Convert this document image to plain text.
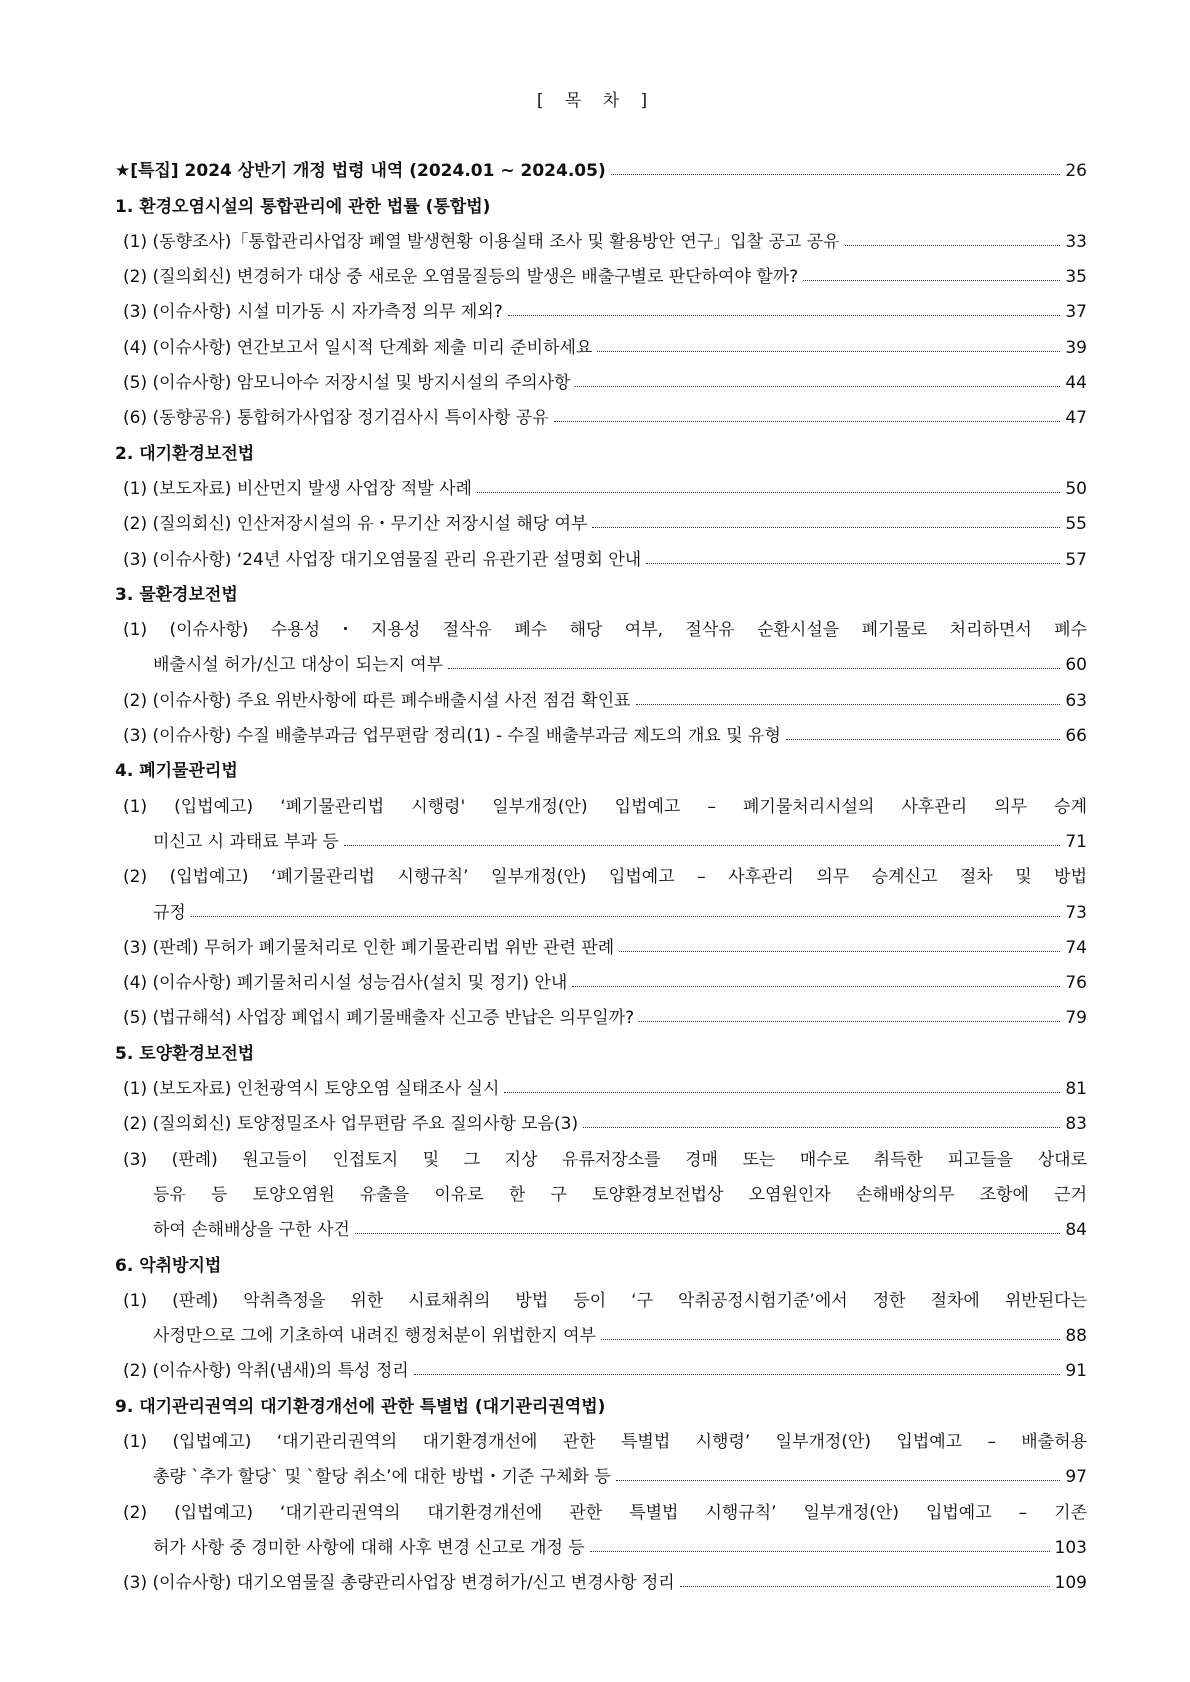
[ 목 차 ]
★[특집] 2024 상반기 개정 법령 내역 (2024.01 ~ 2024.05)	26
1. 환경오염시설의 통합관리에 관한 법률 (통합법)
(1) (동향조사)「통합관리사업장 폐열 발생현황 이용실태 조사 및 활용방안 연구」입찰 공고 공유	33
(2) (질의회신) 변경허가 대상 중 새로운 오염물질등의 발생은 배출구별로 판단하여야 할까?	35
(3) (이슈사항) 시설 미가동 시 자가측정 의무 제외?	37
(4) (이슈사항) 연간보고서 일시적 단계화 제출 미리 준비하세요	39
(5) (이슈사항) 암모니아수 저장시설 및 방지시설의 주의사항	44
(6) (동향공유) 통합허가사업장 정기검사시 특이사항 공유	47
2. 대기환경보전법
(1) (보도자료) 비산먼지 발생 사업장 적발 사례	50
(2) (질의회신) 인산저장시설의 유・무기산 저장시설 해당 여부	55
(3) (이슈사항) ‘24년 사업장 대기오염물질 관리 유관기관 설명회 안내	57
3. 물환경보전법
(1) (이슈사항) 수용성・지용성 절삭유 폐수 해당 여부, 절삭유 순환시설을 폐기물로 처리하면서 폐수
배출시설 허가/신고 대상이 되는지 여부	60
(2) (이슈사항) 주요 위반사항에 따른 폐수배출시설 사전 점검 확인표	63
(3) (이슈사항) 수질 배출부과금 업무편람 정리(1) - 수질 배출부과금 제도의 개요 및 유형	66
4. 폐기물관리법
(1) (입법예고) ‘폐기물관리법 시행령' 일부개정(안) 입법예고 – 폐기물처리시설의 사후관리 의무 승계
미신고 시 과태료 부과 등	71
(2) (입법예고) ‘폐기물관리법 시행규칙’ 일부개정(안) 입법예고 – 사후관리 의무 승계신고 절차 및 방법
규정	73
(3) (판례) 무허가 폐기물처리로 인한 폐기물관리법 위반 관련 판례	74
(4) (이슈사항) 폐기물처리시설 성능검사(설치 및 정기) 안내	76
(5) (법규해석) 사업장 폐업시 폐기물배출자 신고증 반납은 의무일까?	79
5. 토양환경보전법
(1) (보도자료) 인천광역시 토양오염 실태조사 실시	81
(2) (질의회신) 토양정밀조사 업무편람 주요 질의사항 모음(3)	83
(3) (판례) 원고들이 인접토지 및 그 지상 유류저장소를 경매 또는 매수로 취득한 피고들을 상대로
등유 등 토양오염원 유출을 이유로 한 구 토양환경보전법상 오염원인자 손해배상의무 조항에 근거
하여 손해배상을 구한 사건	84
6. 악취방지법
(1) (판례) 악취측정을 위한 시료채취의 방법 등이 ‘구 악취공정시험기준’에서 정한 절차에 위반된다는
사정만으로 그에 기초하여 내려진 행정처분이 위법한지 여부	88
(2) (이슈사항) 악취(냄새)의 특성 정리	91
9. 대기관리권역의 대기환경개선에 관한 특별법 (대기관리권역법)
(1) (입법예고) ‘대기관리권역의 대기환경개선에 관한 특별법 시행령’ 일부개정(안) 입법예고 – 배출허용
총량 `추가 할당` 및 `할당 취소’에 대한 방법・기준 구체화 등	97
(2) (입법예고) ‘대기관리권역의 대기환경개선에 관한 특별법 시행규칙’ 일부개정(안) 입법예고 – 기존
허가 사항 중 경미한 사항에 대해 사후 변경 신고로 개정 등	103
(3) (이슈사항) 대기오염물질 총량관리사업장 변경허가/신고 변경사항 정리	109
